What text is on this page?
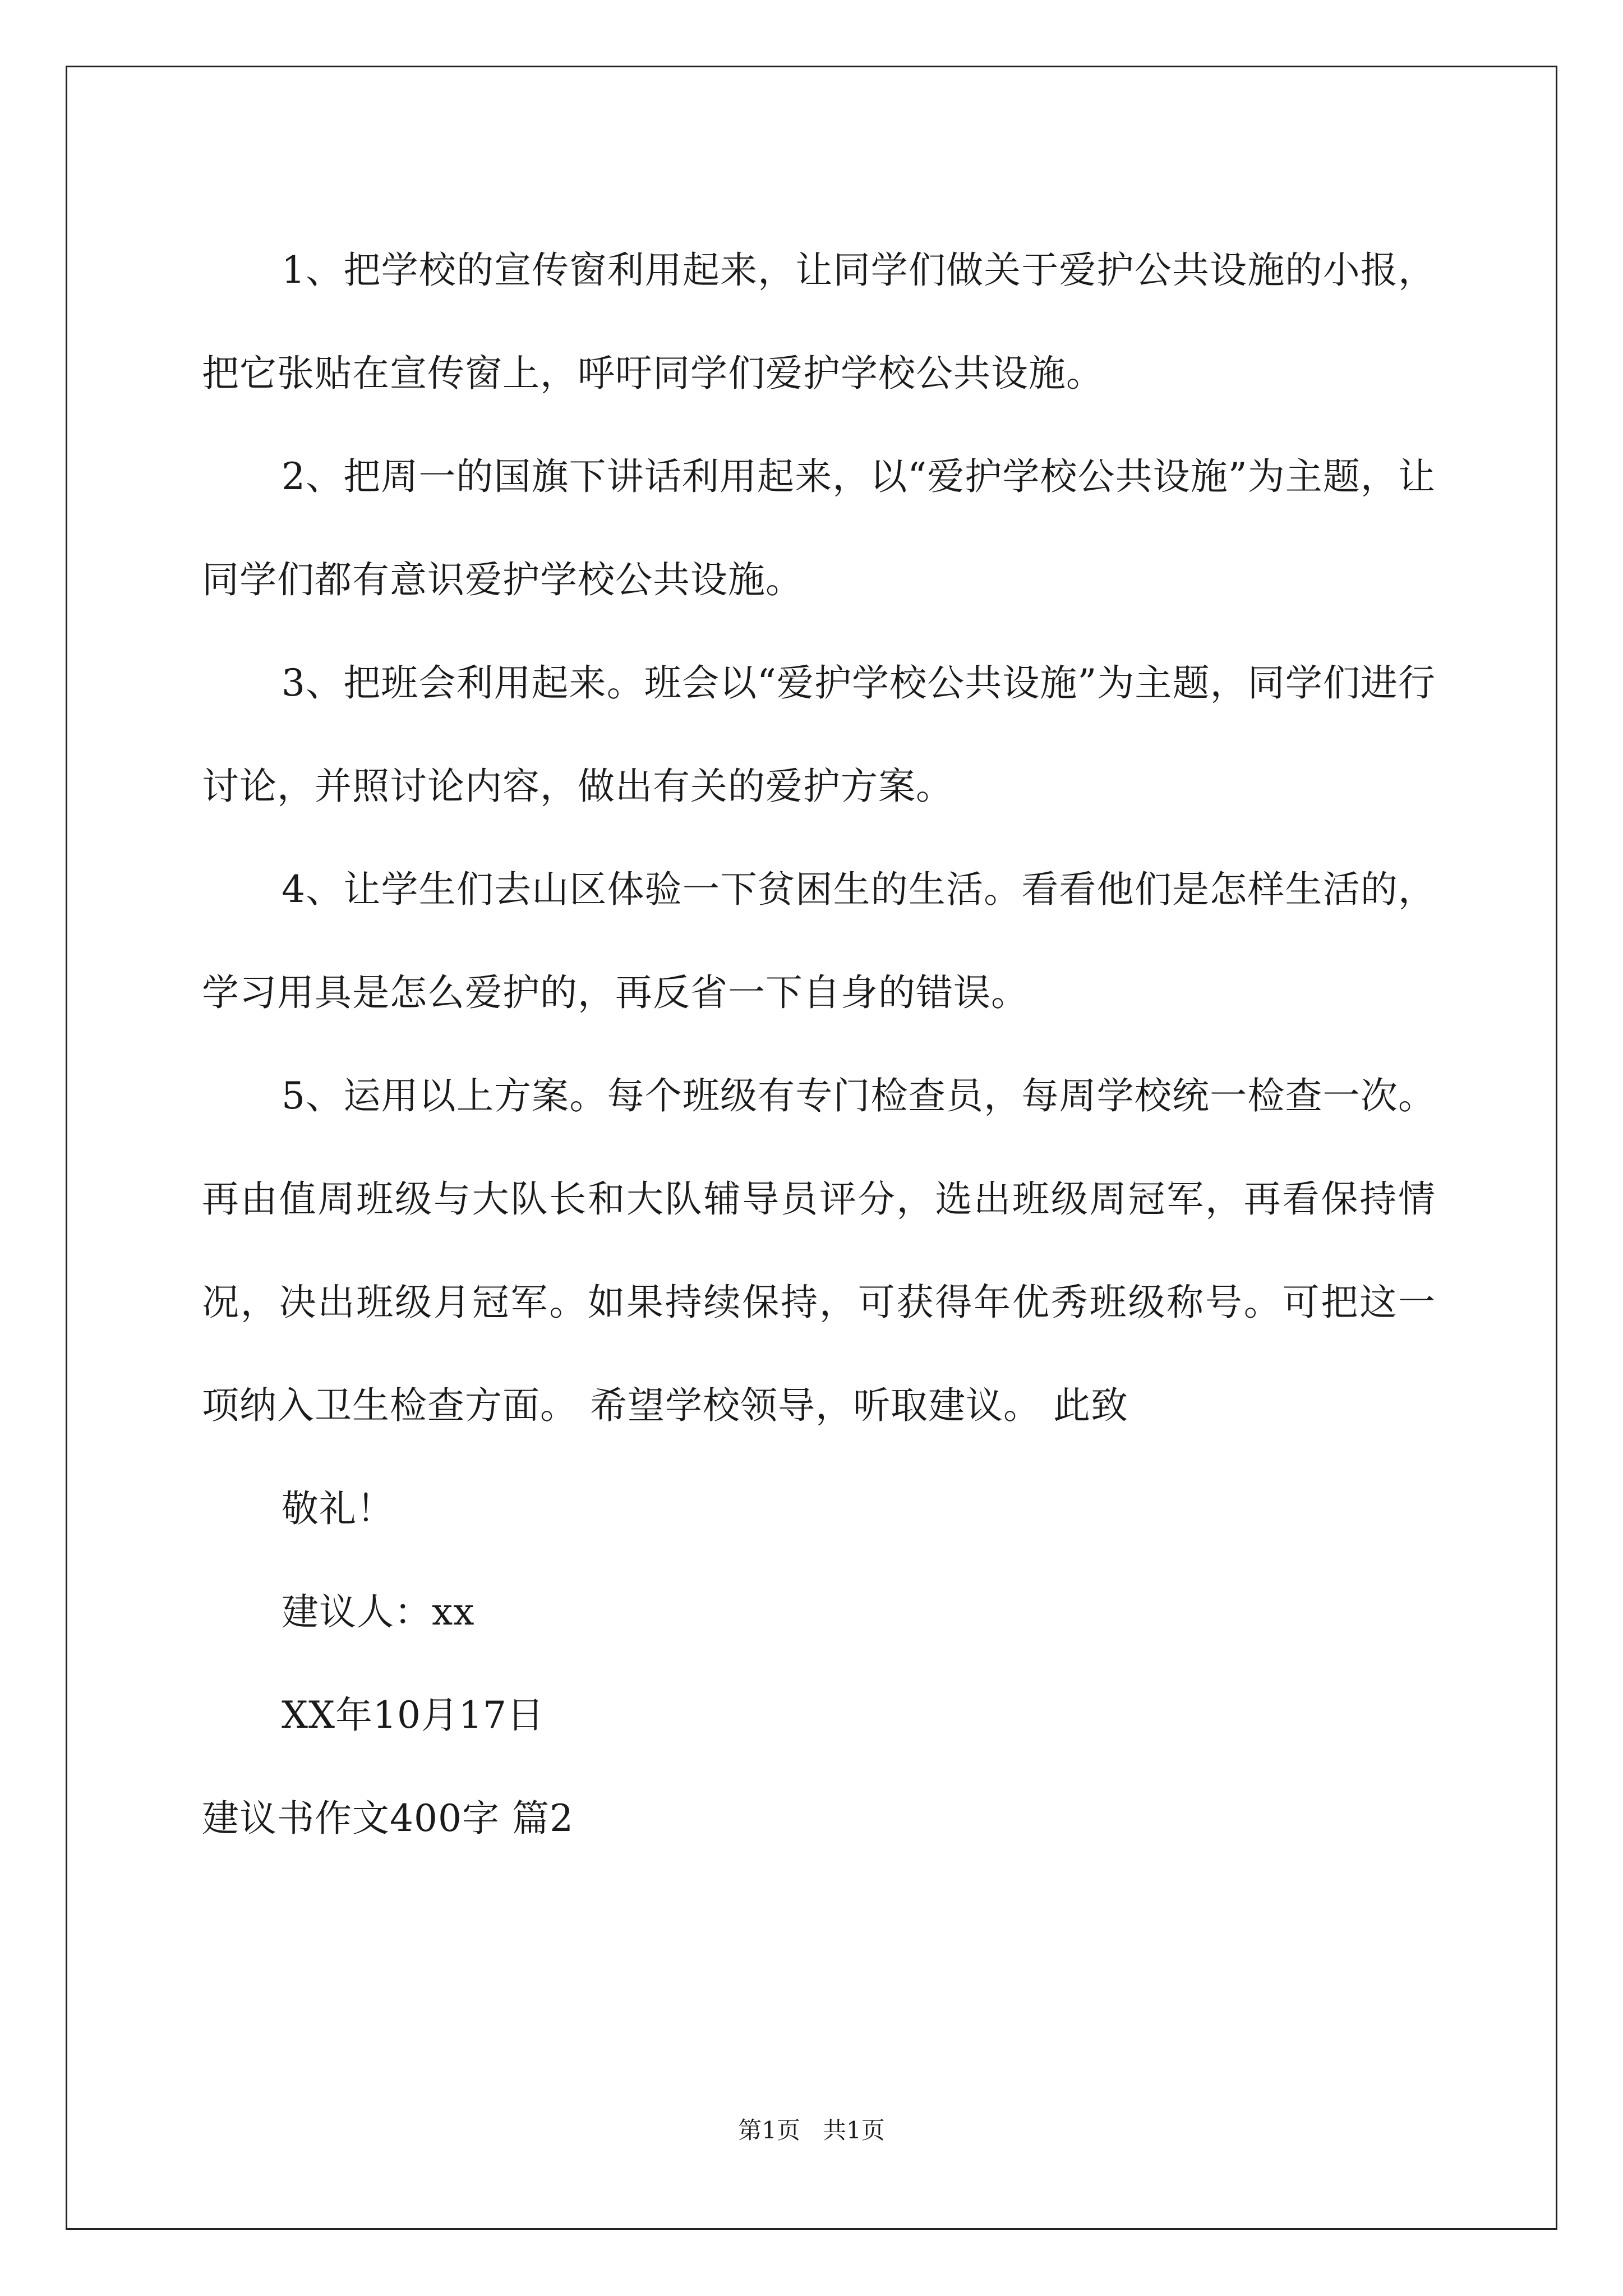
1、把学校的宣传窗利用起来，让同学们做关于爱护公共设施的小报，把它张贴在宣传窗上，呼吁同学们爱护学校公共设施。

2、把周一的国旗下讲话利用起来，以“爱护学校公共设施”为主题，让同学们都有意识爱护学校公共设施。

3、把班会利用起来。班会以“爱护学校公共设施”为主题，同学们进行讨论，并照讨论内容，做出有关的爱护方案。

4、让学生们去山区体验一下贫困生的生活。看看他们是怎样生活的，学习用具是怎么爱护的，再反省一下自身的错误。

5、运用以上方案。每个班级有专门检查员，每周学校统一检查一次。再由值周班级与大队长和大队辅导员评分，选出班级周冠军，再看保持情况，决出班级月冠军。如果持续保持，可获得年优秀班级称号。可把这一项纳入卫生检查方面。 希望学校领导，听取建议。 此致

敬礼！

建议人：xx

XX年10月17日

建议书作文400字 篇2

第1页 共1页
